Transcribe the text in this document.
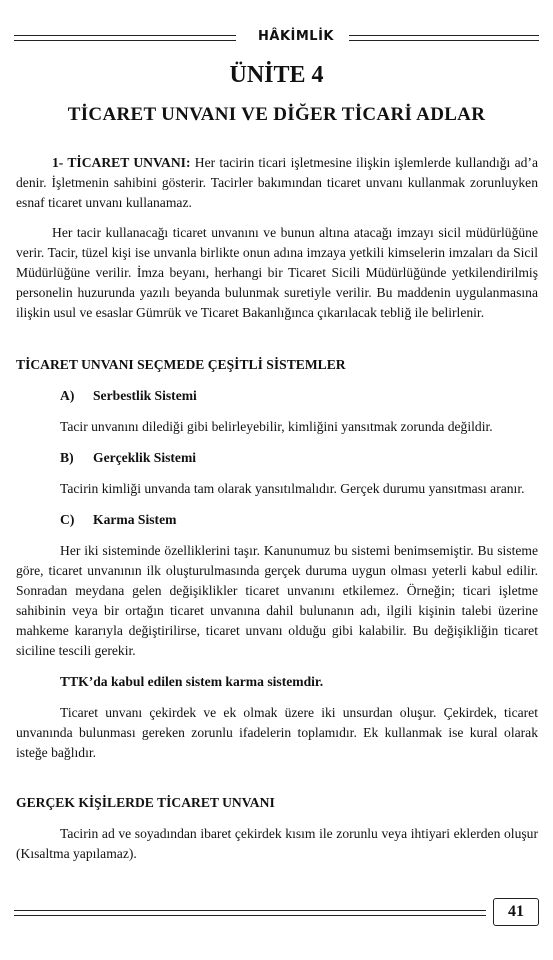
HÂKİMLİK
ÜNİTE 4
TİCARET UNVANI VE DİĞER TİCARİ ADLAR

1- TİCARET UNVANI: Her tacirin ticari işletmesine ilişkin işlemlerde kullandığı ad’a denir. İşletmenin sahibini gösterir. Tacirler bakımından ticaret unvanı kullanmak zorunluyken esnaf ticaret unvanı kullanamaz.

Her tacir kullanacağı ticaret unvanını ve bunun altına atacağı imzayı sicil müdürlüğüne verir. Tacir, tüzel kişi ise unvanla birlikte onun adına imzaya yetkili kimselerin imzaları da Sicil Müdürlüğüne verilir. İmza beyanı, herhangi bir Ticaret Sicili Müdürlüğünde yetkilendirilmiş personelin huzurunda yazılı beyanda bulunmak suretiyle verilir. Bu maddenin uygulanmasına ilişkin usul ve esaslar Gümrük ve Ticaret Bakanlığınca çıkarılacak tebliğ ile belirlenir.

TİCARET UNVANI SEÇMEDE ÇEŞİTLİ SİSTEMLER

A) Serbestlik Sistemi

Tacir unvanını dilediği gibi belirleyebilir, kimliğini yansıtmak zorunda değildir.

B) Gerçeklik Sistemi

Tacirin kimliği unvanda tam olarak yansıtılmalıdır. Gerçek durumu yansıtması aranır.

C) Karma Sistem

Her iki sisteminde özelliklerini taşır. Kanunumuz bu sistemi benimsemiştir. Bu sisteme göre, ticaret unvanının ilk oluşturulmasında gerçek duruma uygun olması yeterli kabul edilir. Sonradan meydana gelen değişiklikler ticaret unvanını etkilemez. Örneğin; ticari işletme sahibinin veya bir ortağın ticaret unvanına dahil bulunanın adı, ilgili kişinin talebi üzerine mahkeme kararıyla değiştirilirse, ticaret unvanı olduğu gibi kalabilir. Bu değişikliğin ticaret siciline tescili gerekir.

TTK’da kabul edilen sistem karma sistemdir.

Ticaret unvanı çekirdek ve ek olmak üzere iki unsurdan oluşur. Çekirdek, ticaret unvanında bulunması gereken zorunlu ifadelerin toplamıdır. Ek kullanmak ise kural olarak isteğe bağlıdır.

GERÇEK KİŞİLERDE TİCARET UNVANI

Tacirin ad ve soyadından ibaret çekirdek kısım ile zorunlu veya ihtiyari eklerden oluşur (Kısaltma yapılamaz).

41
